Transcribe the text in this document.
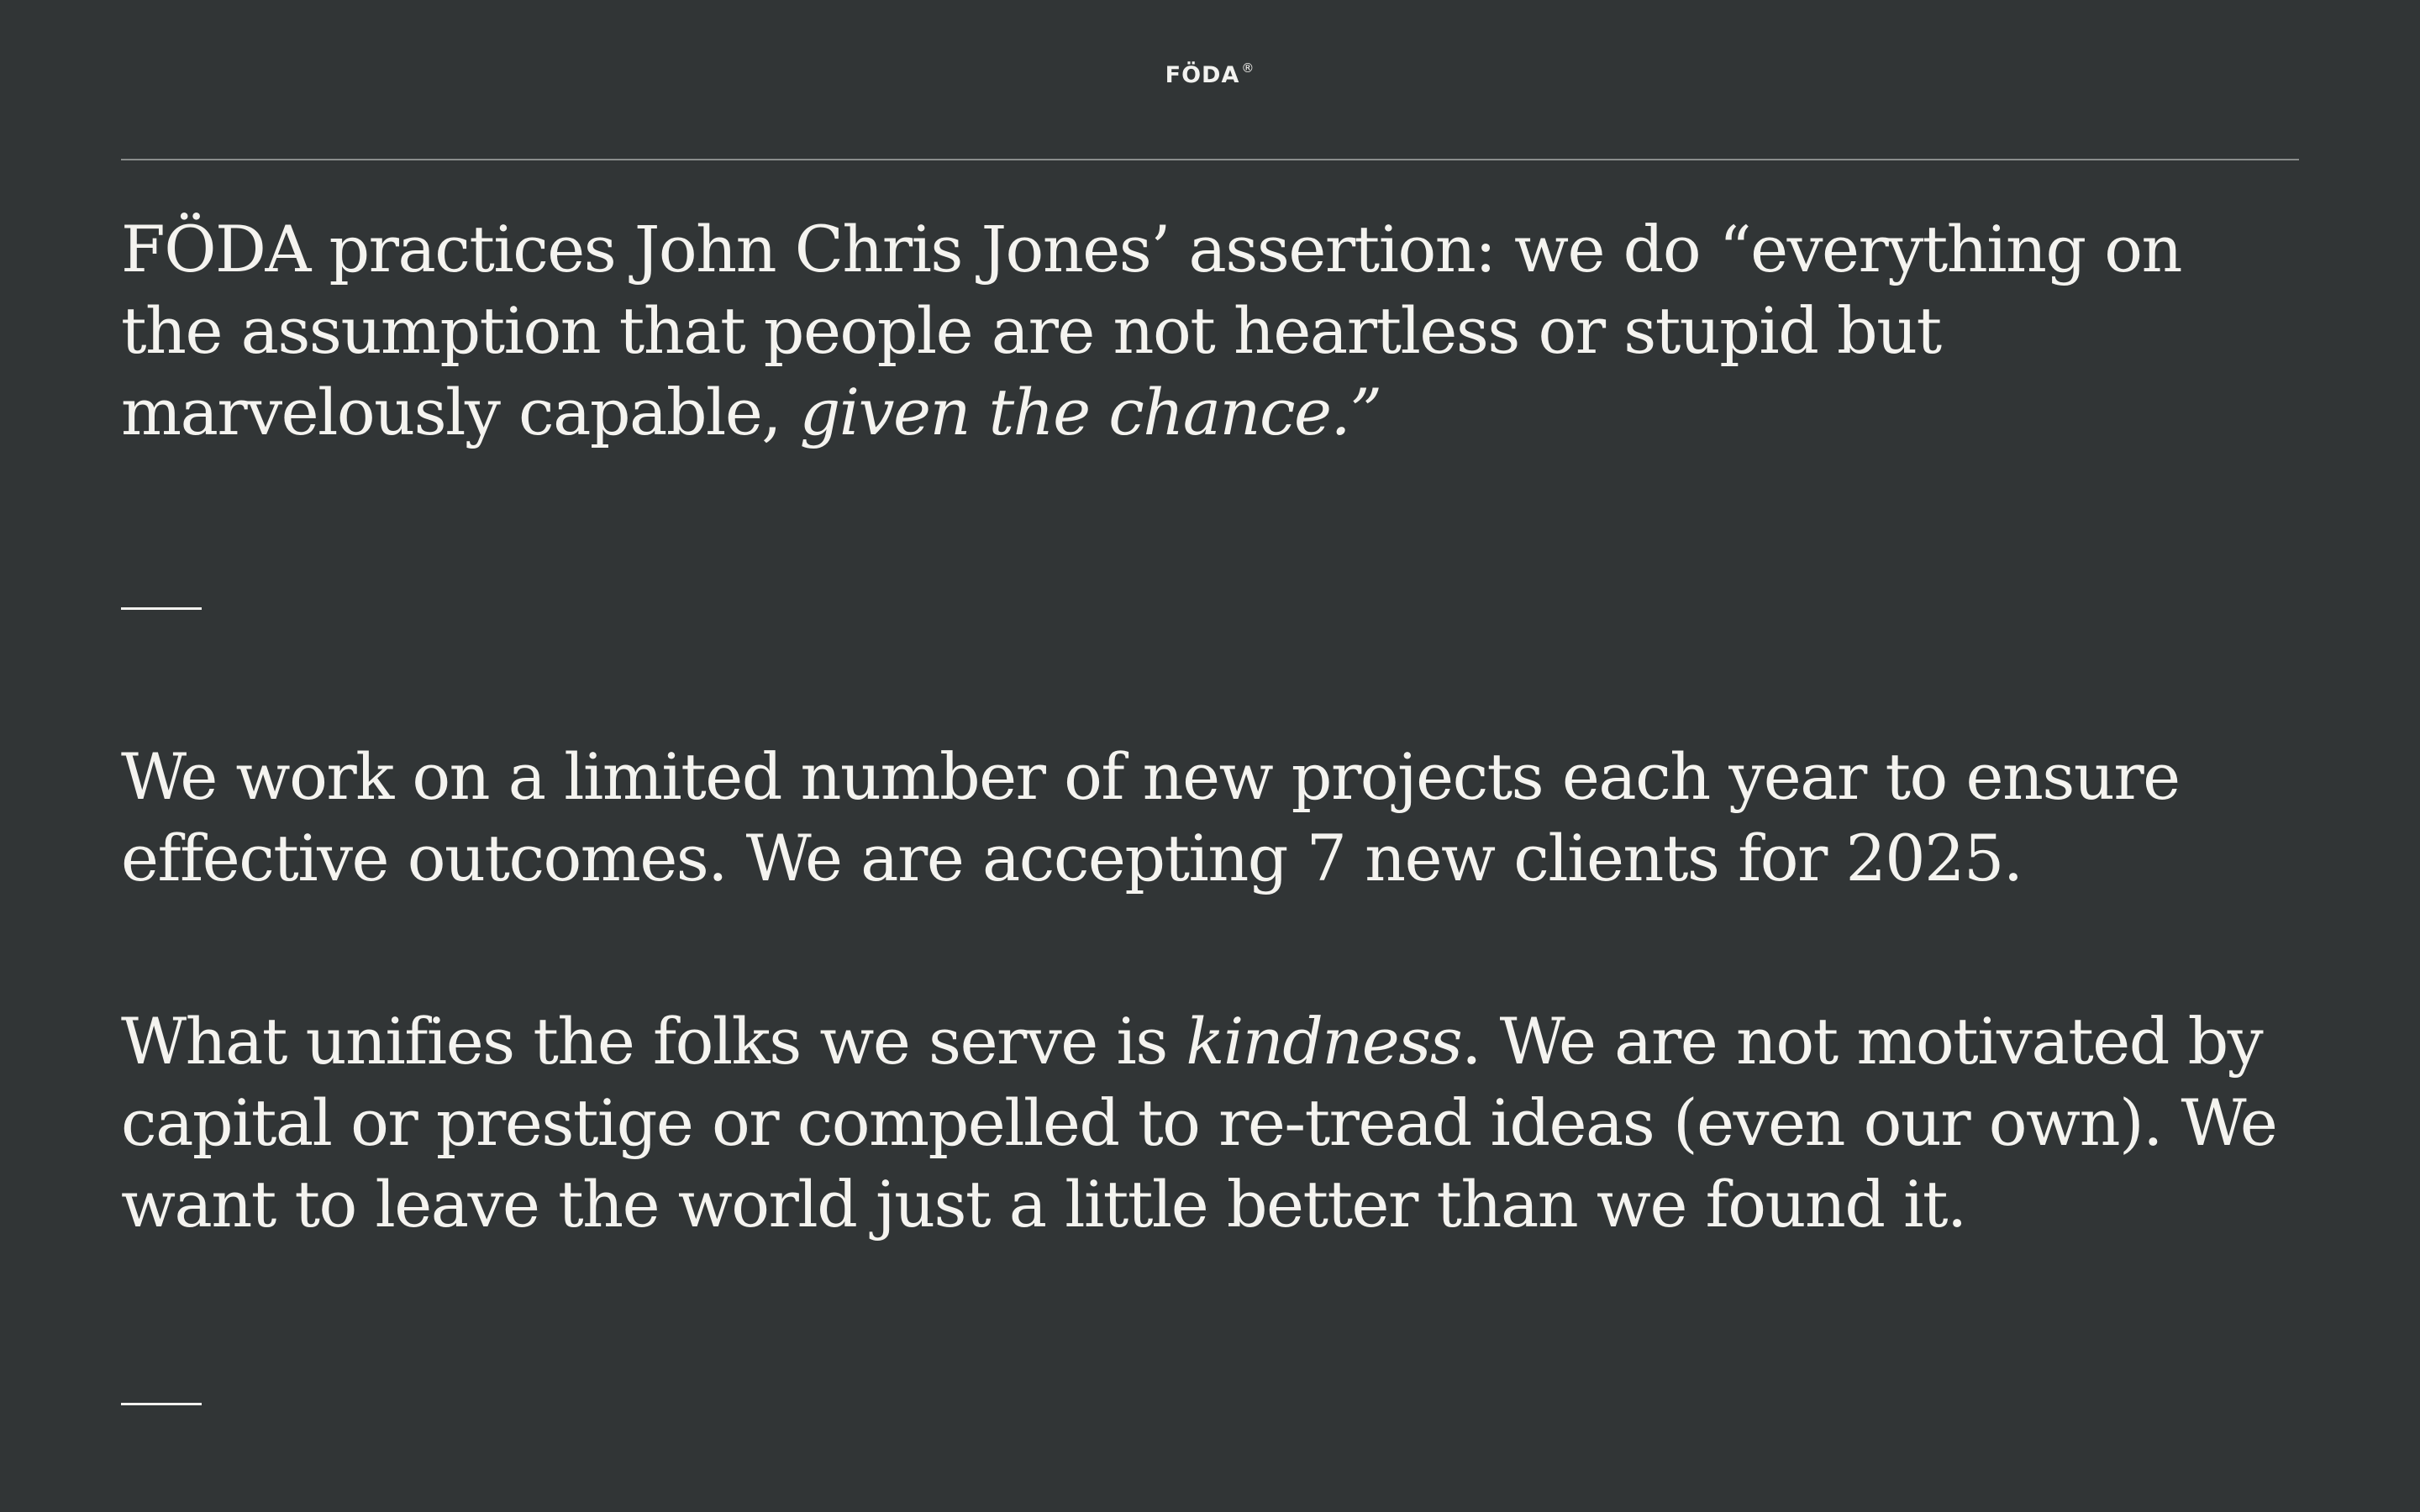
FÖDA ®

FÖDA practices John Chris Jones’ assertion: we do “everything on the assumption that people are not heartless or stupid but marvelously capable, given the chance.”

We work on a limited number of new projects each year to ensure effective outcomes. We are accepting 7 new clients for 2025.

What unifies the folks we serve is kindness. We are not motivated by capital or prestige or compelled to re-tread ideas (even our own). We want to leave the world just a little better than we found it.
